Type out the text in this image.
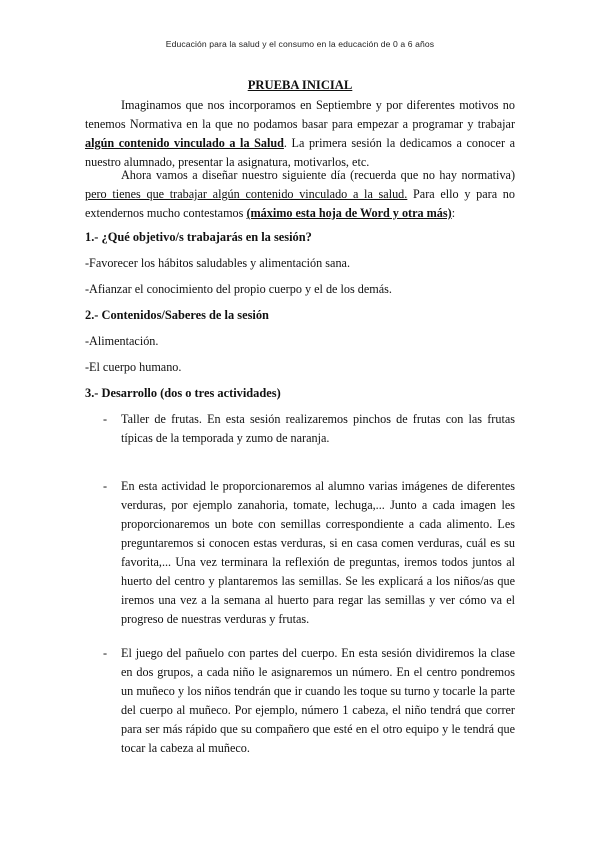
Educación para la salud y el consumo en la educación de 0 a 6 años
PRUEBA INICIAL
Imaginamos que nos incorporamos en Septiembre y por diferentes motivos no tenemos Normativa en la que no podamos basar para empezar a programar y trabajar algún contenido vinculado a la Salud. La primera sesión la dedicamos a conocer a nuestro alumnado, presentar la asignatura, motivarlos, etc.
Ahora vamos a diseñar nuestro siguiente día (recuerda que no hay normativa) pero tienes que trabajar algún contenido vinculado a la salud. Para ello y para no extendernos mucho contestamos (máximo esta hoja de Word y otra más):
1.- ¿Qué objetivo/s trabajarás en la sesión?
-Favorecer los hábitos saludables y alimentación sana.
-Afianzar el conocimiento del propio cuerpo y el de los demás.
2.- Contenidos/Saberes de la sesión
-Alimentación.
-El cuerpo humano.
3.- Desarrollo (dos o tres actividades)
- Taller de frutas. En esta sesión realizaremos pinchos de frutas con las frutas típicas de la temporada y zumo de naranja.
- En esta actividad le proporcionaremos al alumno varias imágenes de diferentes verduras, por ejemplo zanahoria, tomate, lechuga,... Junto a cada imagen les proporcionaremos un bote con semillas correspondiente a cada alimento. Les preguntaremos si conocen estas verduras, si en casa comen verduras, cuál es su favorita,... Una vez terminara la reflexión de preguntas, iremos todos juntos al huerto del centro y plantaremos las semillas. Se les explicará a los niños/as que iremos una vez a la semana al huerto para regar las semillas y ver cómo va el progreso de nuestras verduras y frutas.
- El juego del pañuelo con partes del cuerpo. En esta sesión dividiremos la clase en dos grupos, a cada niño le asignaremos un número. En el centro pondremos un muñeco y los niños tendrán que ir cuando les toque su turno y tocarle la parte del cuerpo al muñeco. Por ejemplo, número 1 cabeza, el niño tendrá que correr para ser más rápido que su compañero que esté en el otro equipo y le tendrá que tocar la cabeza al muñeco.
